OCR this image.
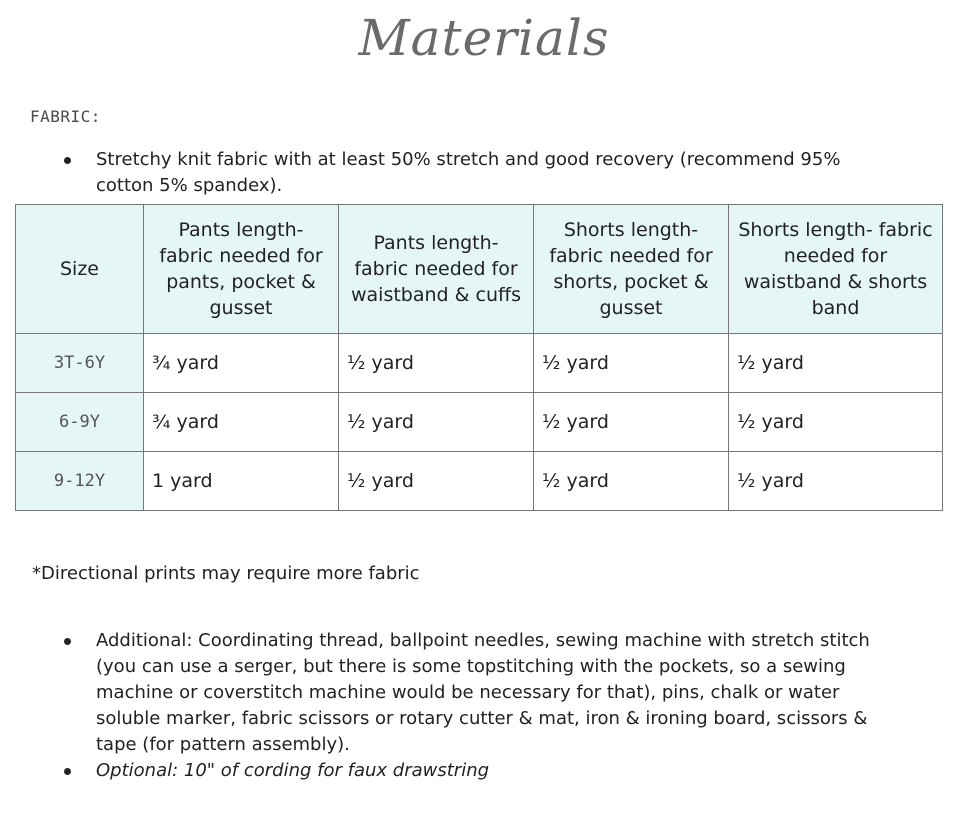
Materials
FABRIC:
Stretchy knit fabric with at least 50% stretch and good recovery (recommend 95% cotton 5% spandex).
Size	Pants length- fabric needed for pants, pocket & gusset	Pants length- fabric needed for waistband & cuffs	Shorts length- fabric needed for shorts, pocket & gusset	Shorts length- fabric needed for waistband & shorts band
3T-6Y	¾ yard	½ yard	½ yard	½ yard
6-9Y	¾ yard	½ yard	½ yard	½ yard
9-12Y	1 yard	½ yard	½ yard	½ yard
*Directional prints may require more fabric
Additional: Coordinating thread, ballpoint needles, sewing machine with stretch stitch (you can use a serger, but there is some topstitching with the pockets, so a sewing machine or coverstitch machine would be necessary for that), pins, chalk or water soluble marker, fabric scissors or rotary cutter & mat, iron & ironing board, scissors & tape (for pattern assembly).
Optional: 10" of cording for faux drawstring
